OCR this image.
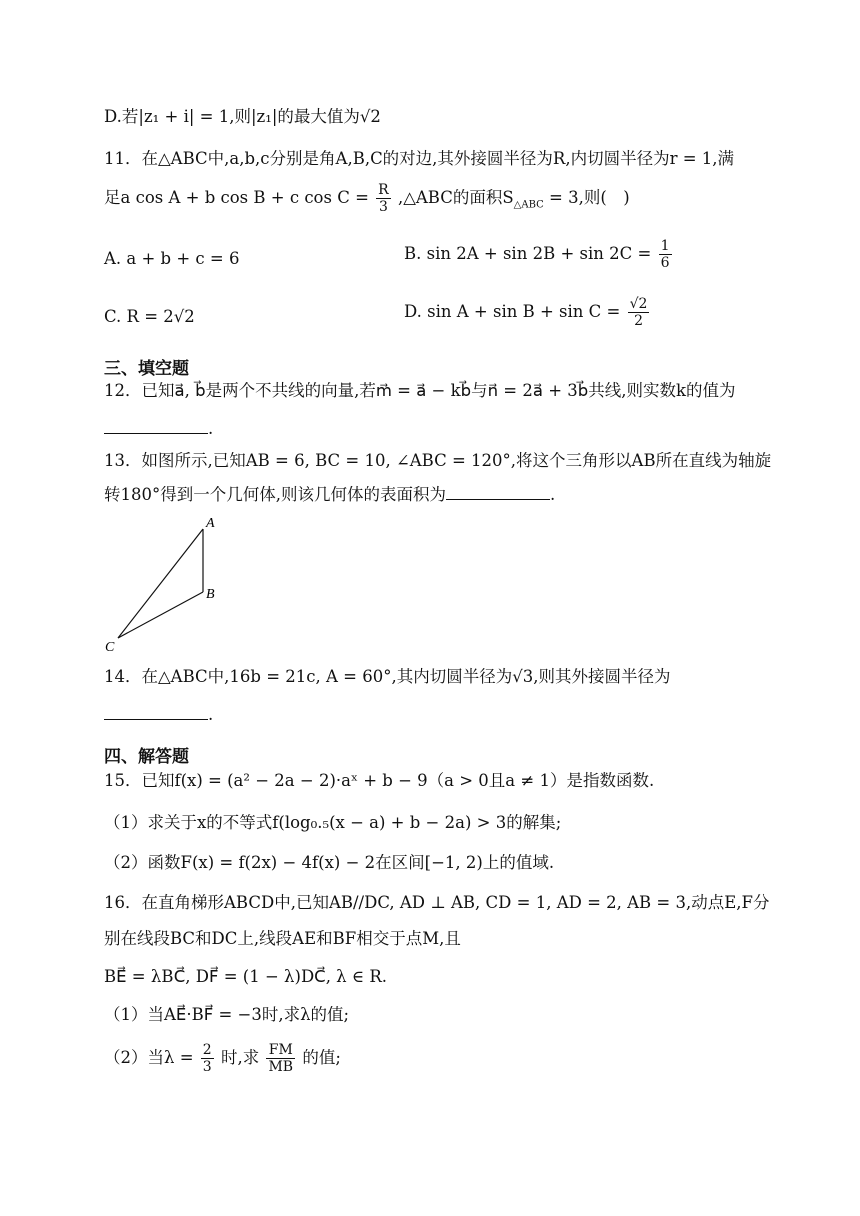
D.若|z₁ + i| = 1,则|z₁|的最大值为√2
11．在△ABC中,a,b,c分别是角A,B,C的对边,其外接圆半径为R,内切圆半径为r = 1,满
足a cos A + b cos B + c $\cos C = \frac{R}{3}$ ,△ABC的面积$S_{\triangle ABC} = 3$,则(　)
A. a + b + c = 6	B. $\sin 2A + \sin 2B + \sin 2C = \frac{1}{6}$
C. R = 2√2	D. $\sin A + \sin B + \sin C = \frac{√2}{2}$
三、填空题
12．已知a⃗, b⃗是两个不共线的向量,若m⃗ = a⃗ − kb⃗与n⃗ = 2a⃗ + 3b⃗共线,则实数k的值为
.
13．如图所示,已知AB = 6, BC = 10, ∠ABC = 120°,将这个三角形以AB所在直线为轴旋
转180°得到一个几何体,则该几何体的表面积为	.
A
B
C
14．在△ABC中,16b = 21c, A = 60°,其内切圆半径为√3,则其外接圆半径为
.
四、解答题
15．已知f(x) = (a² − 2a − 2)·aˣ + b − 9（a > 0且a ≠ 1）是指数函数.
（1）求关于x的不等式f(log₀.₅(x − a) + b − 2a) > 3的解集;
（2）函数F(x) = f(2x) − 4f(x) − 2在区间[−1, 2)上的值域.
16．在直角梯形ABCD中,已知AB//DC, AD ⊥ AB, CD = 1, AD = 2, AB = 3,动点E,F分
别在线段BC和DC上,线段AE和BF相交于点M,且
BE⃗ = λBC⃗, DF⃗ = (1 − λ)DC⃗, λ ∈ R.
（1）当AE⃗·BF⃗ = −3时,求λ的值;
（2）当$\lambda = \frac{2}{3}$ 时,求 $\frac{FM}{MB}$ 的值;
